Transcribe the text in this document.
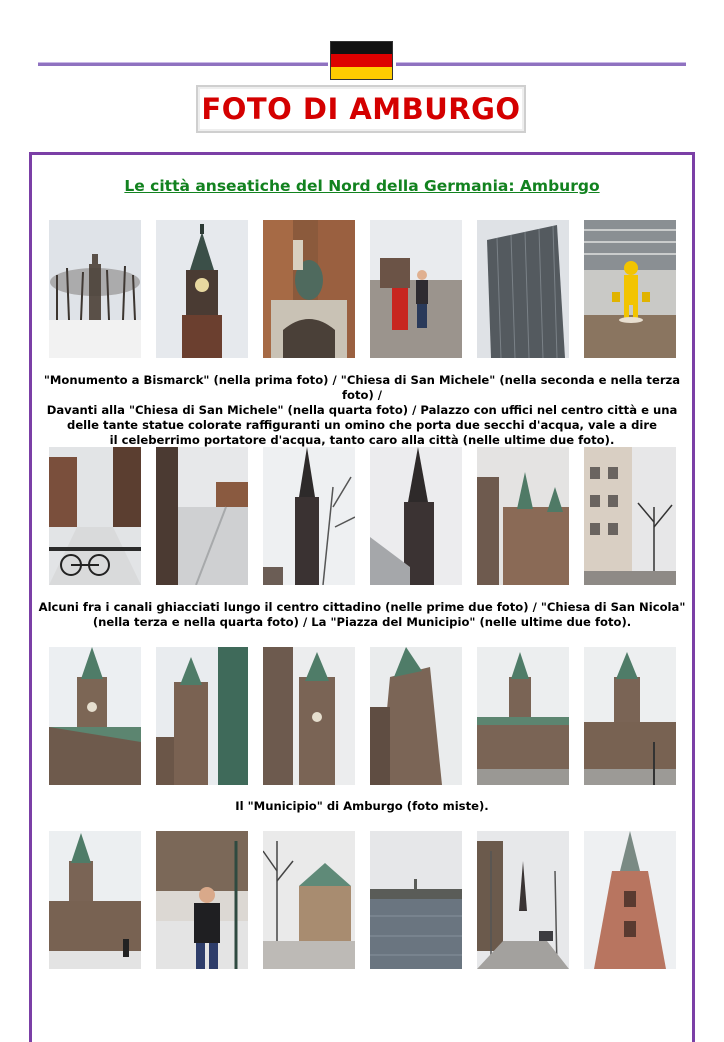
FOTO DI AMBURGO
Le città anseatiche del Nord della Germania: Amburgo
"Monumento a Bismarck" (nella prima foto) / "Chiesa di San Michele" (nella seconda e nella terza foto) /
Davanti alla "Chiesa di San Michele" (nella quarta foto) / Palazzo con uffici nel centro città e una
delle tante statue colorate raffiguranti un omino che porta due secchi d'acqua, vale a dire
il celeberrimo portatore d'acqua, tanto caro alla città (nelle ultime due foto).
Alcuni fra i canali ghiacciati lungo il centro cittadino (nelle prime due foto) / "Chiesa di San Nicola"
(nella terza e nella quarta foto) / La "Piazza del Municipio" (nelle ultime due foto).
Il "Municipio" di Amburgo (foto miste).
